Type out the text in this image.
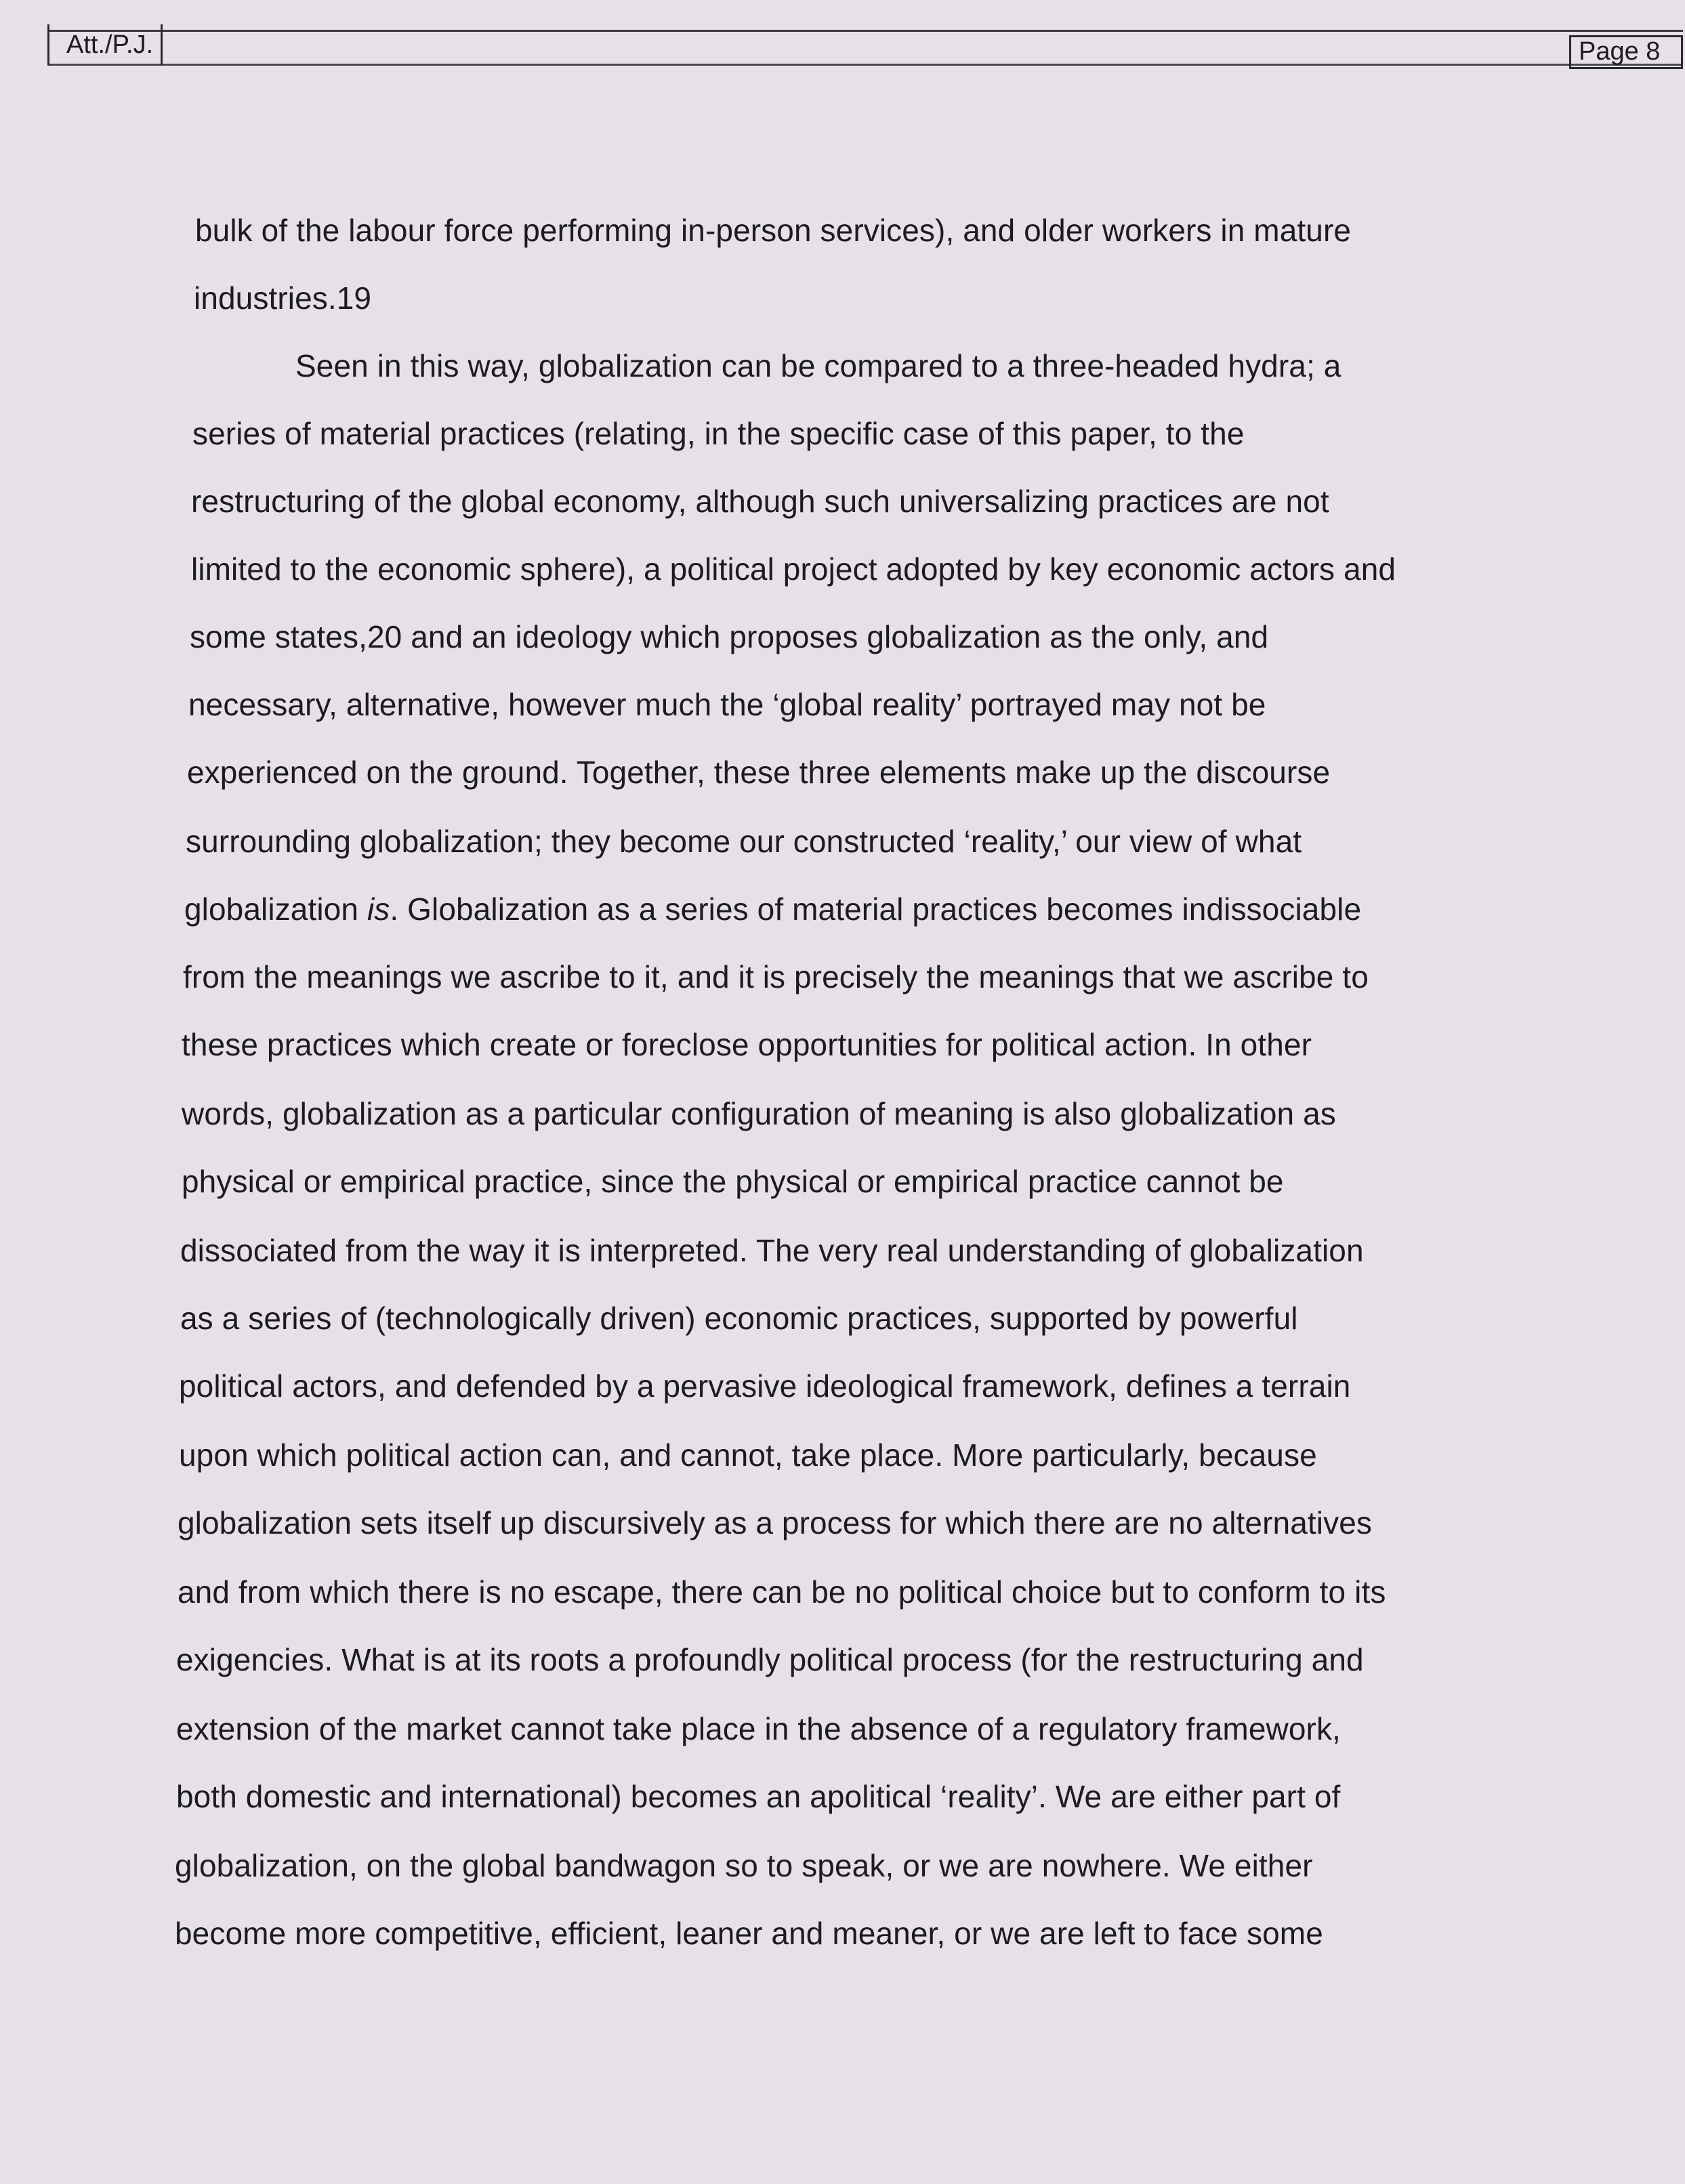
Att./P.J.	Page 8
bulk of the labour force performing in-person services), and older workers in mature
industries.19
Seen in this way, globalization can be compared to a three-headed hydra; a
series of material practices (relating, in the specific case of this paper, to the
restructuring of the global economy, although such universalizing practices are not
limited to the economic sphere), a political project adopted by key economic actors and
some states,20 and an ideology which proposes globalization as the only, and
necessary, alternative, however much the ‘global reality’ portrayed may not be
experienced on the ground. Together, these three elements make up the discourse
surrounding globalization; they become our constructed ‘reality,’ our view of what
globalization is. Globalization as a series of material practices becomes indissociable
from the meanings we ascribe to it, and it is precisely the meanings that we ascribe to
these practices which create or foreclose opportunities for political action. In other
words, globalization as a particular configuration of meaning is also globalization as
physical or empirical practice, since the physical or empirical practice cannot be
dissociated from the way it is interpreted. The very real understanding of globalization
as a series of (technologically driven) economic practices, supported by powerful
political actors, and defended by a pervasive ideological framework, defines a terrain
upon which political action can, and cannot, take place. More particularly, because
globalization sets itself up discursively as a process for which there are no alternatives
and from which there is no escape, there can be no political choice but to conform to its
exigencies. What is at its roots a profoundly political process (for the restructuring and
extension of the market cannot take place in the absence of a regulatory framework,
both domestic and international) becomes an apolitical ‘reality’. We are either part of
globalization, on the global bandwagon so to speak, or we are nowhere. We either
become more competitive, efficient, leaner and meaner, or we are left to face some
